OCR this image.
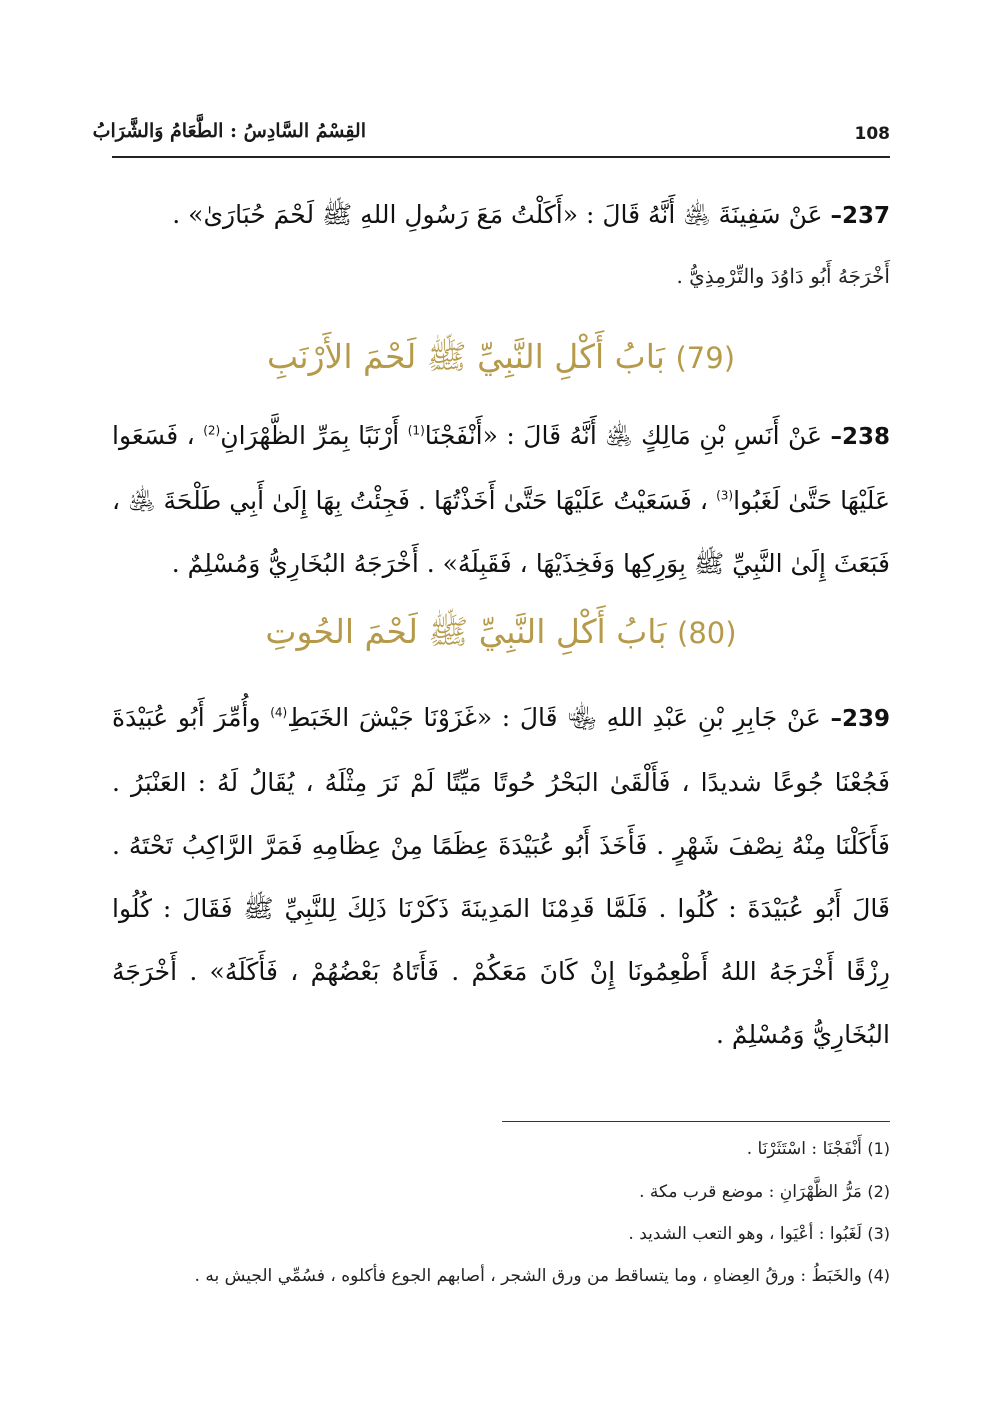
القِسْمُ السَّادِسُ : الطَّعَامُ وَالشَّرَابُ	108
237– عَنْ سَفِينَةَ ﵁ أَنَّهُ قَالَ : «أَكَلْتُ مَعَ رَسُولِ اللهِ ﷺ لَحْمَ حُبَارَىٰ» .
أَخْرَجَهُ أَبُو دَاوُدَ والتِّرْمِذِيُّ .
(79) بَابُ أَكْلِ النَّبِيِّ ﷺ لَحْمَ الأَرْنَبِ
238– عَنْ أَنَسِ بْنِ مَالِكٍ ﵁ أَنَّهُ قَالَ : «أَنْفَجْنَا$^{(1)}$ أَرْنَبًا بِمَرِّ الظَّهْرَانِ$^{(2)}$ ، فَسَعَوا عَلَيْهَا حَتَّىٰ لَغَبُوا$^{(3)}$ ، فَسَعَيْتُ عَلَيْهَا حَتَّىٰ أَخَذْتُهَا . فَجِئْتُ بِهَا إِلَىٰ أَبِي طَلْحَةَ ﵁ ، فَبَعَثَ إِلَىٰ النَّبِيِّ ﷺ بِوَرِكِها وَفَخِذَيْهَا ، فَقَبِلَهُ» . أَخْرَجَهُ البُخَارِيُّ وَمُسْلِمٌ .
(80) بَابُ أَكْلِ النَّبِيِّ ﷺ لَحْمَ الحُوتِ
239– عَنْ جَابِرِ بْنِ عَبْدِ اللهِ ﵄ قَالَ : «غَزَوْنَا جَيْشَ الخَبَطِ$^{(4)}$ وأُمِّرَ أَبُو عُبَيْدَةَ فَجُعْنَا جُوعًا شديدًا ، فَأَلْقَىٰ البَحْرُ حُوتًا مَيِّتًا لَمْ نَرَ مِثْلَهُ ، يُقَالُ لَهُ : العَنْبَرُ . فَأَكَلْنَا مِنْهُ نِصْفَ شَهْرٍ . فَأَخَذَ أَبُو عُبَيْدَةَ عِظَمًا مِنْ عِظَامِهِ فَمَرَّ الرَّاكِبُ تَحْتَهُ . قَالَ أَبُو عُبَيْدَةَ : كُلُوا . فَلَمَّا قَدِمْنَا المَدِينَةَ ذَكَرْنَا ذَلِكَ لِلنَّبِيِّ ﷺ فَقَالَ : كُلُوا رِزْقًا أَخْرَجَهُ اللهُ أَطْعِمُونَا إِنْ كَانَ مَعَكُمْ . فَأَتَاهُ بَعْضُهُمْ ، فَأَكَلَهُ» . أَخْرَجَهُ البُخَارِيُّ وَمُسْلِمٌ .
(1) أَنْفَجْنَا : اسْتَثَرْنَا .
(2) مَرُّ الظَّهْرَانِ : موضع قرب مكة .
(3) لَغَبُوا : أعْيَوا ، وهو التعب الشديد .
(4) والخَبَطُ : ورقُ العِضاهِ ، وما يتساقط من ورق الشجر ، أصابهم الجوع فأكلوه ، فسُمِّي الجيش به .
